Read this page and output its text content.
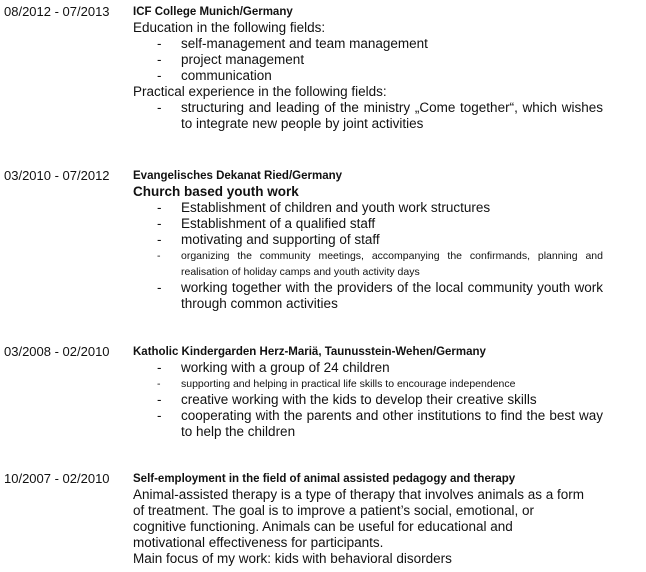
08/2012 - 07/2013 ICF College Munich/Germany
Education in the following fields:
- self-management and team management
- project management
- communication
Practical experience in the following fields:
- structuring and leading of the ministry „Come together“, which wishes to integrate new people by joint activities
03/2010 - 07/2012 Evangelisches Dekanat Ried/Germany
Church based youth work
- Establishment of children and youth work structures
- Establishment of a qualified staff
- motivating and supporting of staff
- organizing the community meetings, accompanying the confirmands, planning and realisation of holiday camps and youth activity days
- working together with the providers of the local community youth work through common activities
03/2008 - 02/2010 Katholic Kindergarden Herz-Mariä, Taunusstein-Wehen/Germany
- working with a group of 24 children
- supporting and helping in practical life skills to encourage independence
- creative working with the kids to develop their creative skills
- cooperating with the parents and other institutions to find the best way to help the children
10/2007 - 02/2010 Self-employment in the field of animal assisted pedagogy and therapy
Animal-assisted therapy is a type of therapy that involves animals as a form of treatment. The goal is to improve a patient’s social, emotional, or cognitive functioning. Animals can be useful for educational and motivational effectiveness for participants.
Main focus of my work: kids with behavioral disorders
